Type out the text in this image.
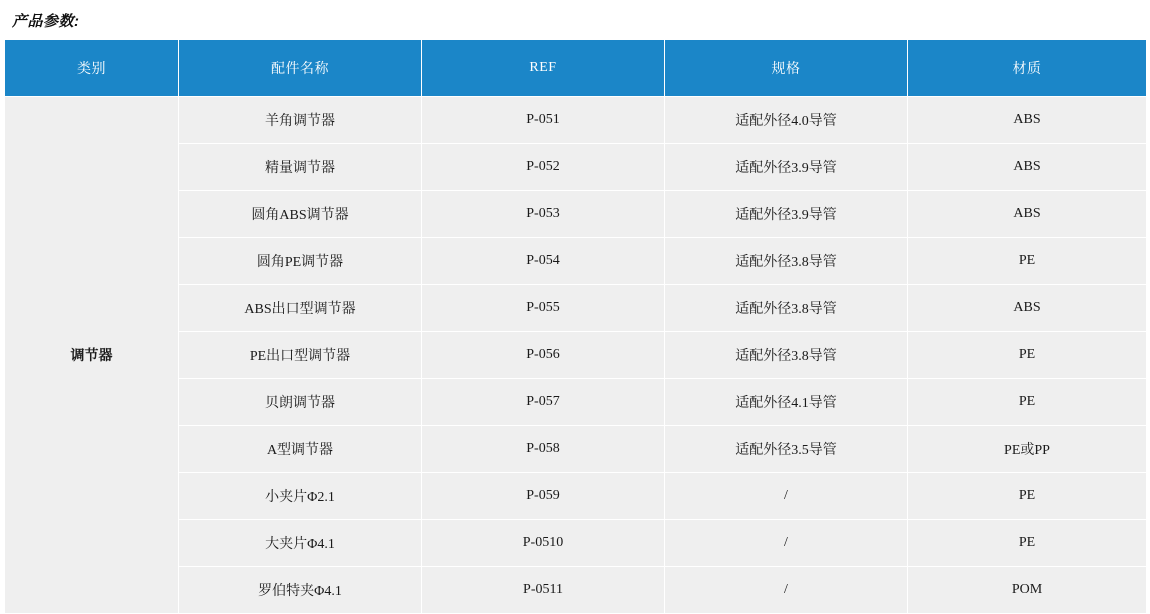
产品参数:
类别	配件名称	REF	规格	材质
调节器	羊角调节器	P-051	适配外径4.0导管	ABS
	精量调节器	P-052	适配外径3.9导管	ABS
	圆角ABS调节器	P-053	适配外径3.9导管	ABS
	圆角PE调节器	P-054	适配外径3.8导管	PE
	ABS出口型调节器	P-055	适配外径3.8导管	ABS
	PE出口型调节器	P-056	适配外径3.8导管	PE
	贝朗调节器	P-057	适配外径4.1导管	PE
	A型调节器	P-058	适配外径3.5导管	PE或PP
	小夹片Φ2.1	P-059	/	PE
	大夹片Φ4.1	P-0510	/	PE
	罗伯特夹Φ4.1	P-0511	/	POM
